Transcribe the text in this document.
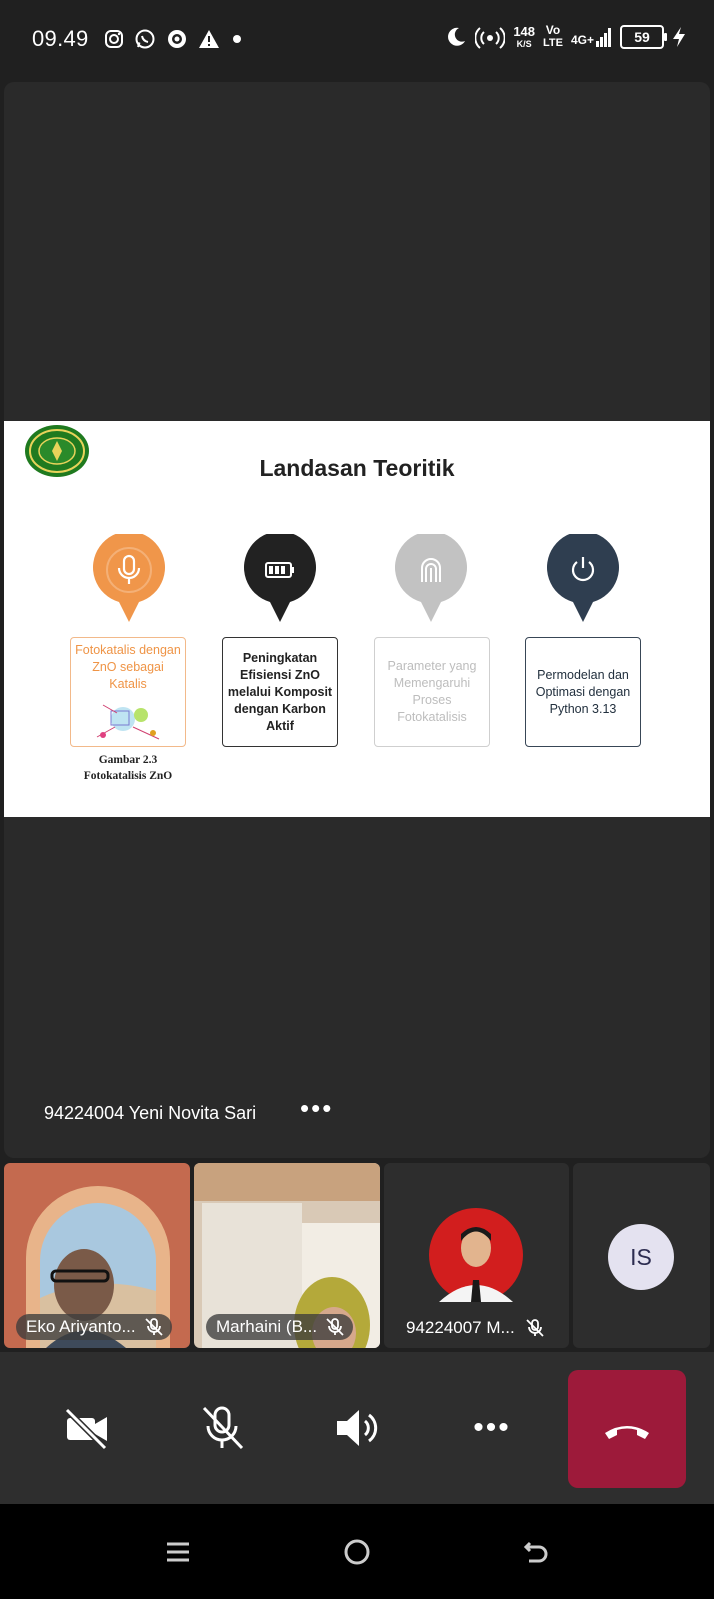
09.49	148
K/S
Vo
LTE 4G+	59
Landasan Teoritik
Fotokatalis dengan ZnO sebagai Katalis
Peningkatan Efisiensi ZnO melalui Komposit dengan Karbon Aktif
Parameter yang Memengaruhi Proses Fotokatalisis
Permodelan dan Optimasi dengan Python 3.13
Gambar 2.3
Fotokatalisis ZnO
94224004 Yeni Novita Sari •••
Eko Ariyanto...	Marhaini (B...	94224007 M...
IS
•••
